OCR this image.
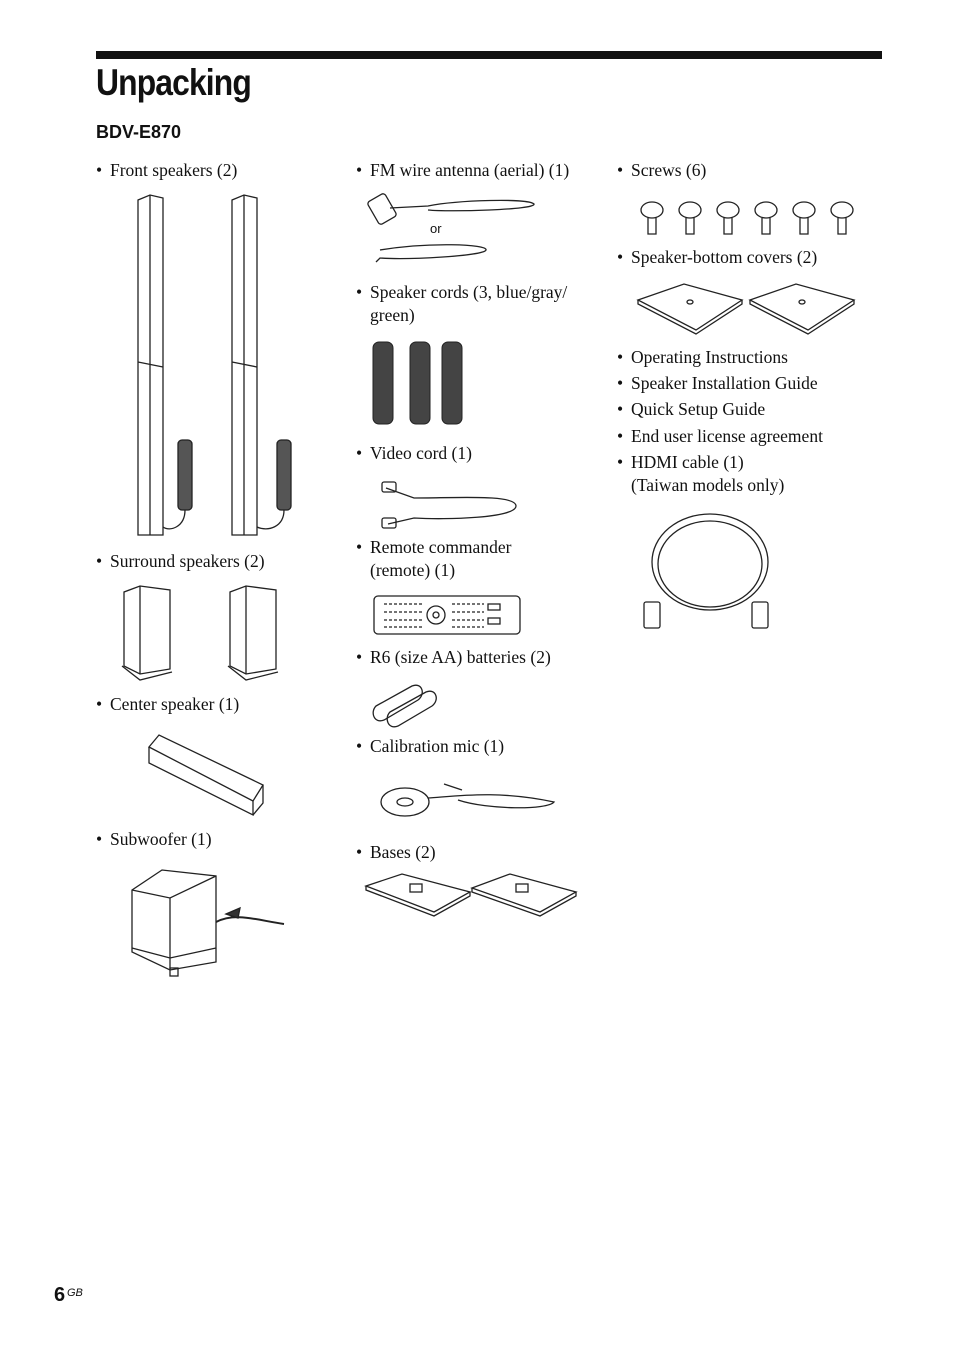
Unpacking
BDV-E870
• Front speakers (2)
• Surround speakers (2)
• Center speaker (1)
• Subwoofer (1)
• FM wire antenna (aerial) (1)
or
• Speaker cords (3, blue/gray/
green)
• Video cord (1)
• Remote commander
(remote) (1)
• R6 (size AA) batteries (2)
• Calibration mic (1)
• Bases (2)
• Screws (6)
• Speaker-bottom covers (2)
• Operating Instructions
• Speaker Installation Guide
• Quick Setup Guide
• End user license agreement
• HDMI cable (1)
(Taiwan models only)
6 GB
